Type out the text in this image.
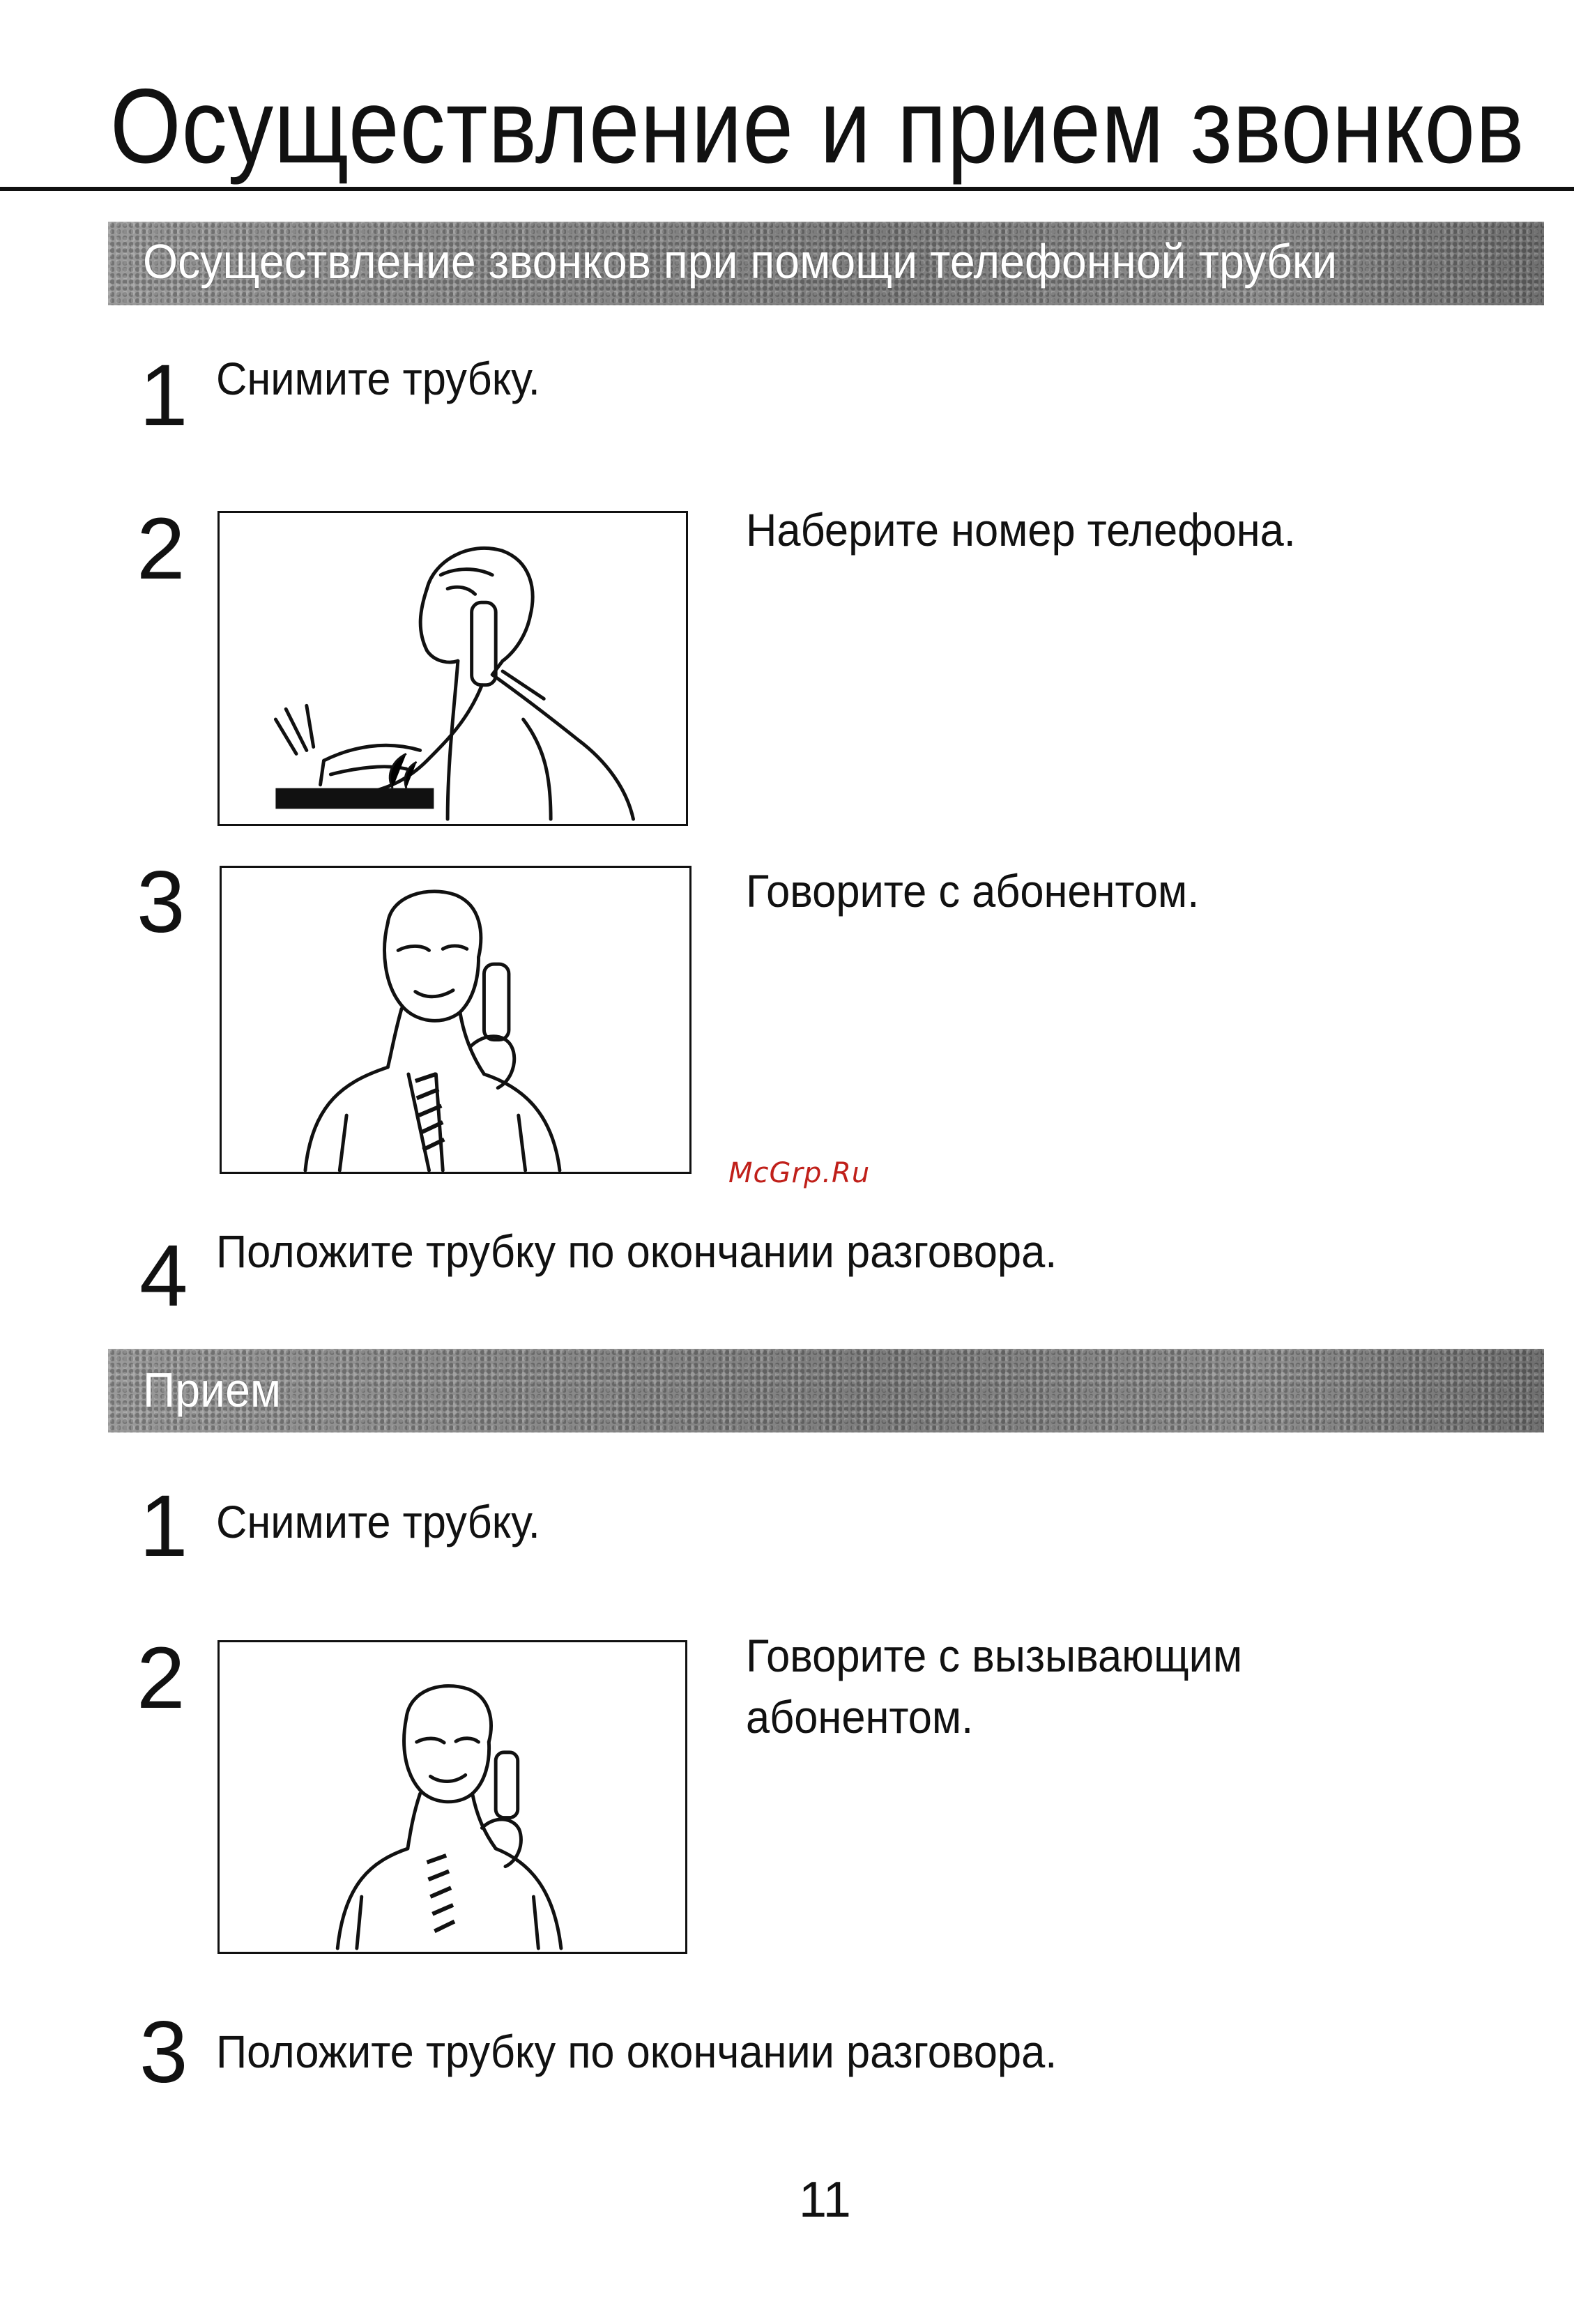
Осуществление и прием звонков
Осуществление звонков при помощи телефонной трубки
1 Снимите трубку.
2	Наберите номер телефона.
3	Говорите с абонентом.
McGrp.Ru
4 Положите трубку по окончании разговора.
Прием
1 Снимите трубку.
2	Говорите с вызывающим
абонентом.
3 Положите трубку по окончании разговора.
11
